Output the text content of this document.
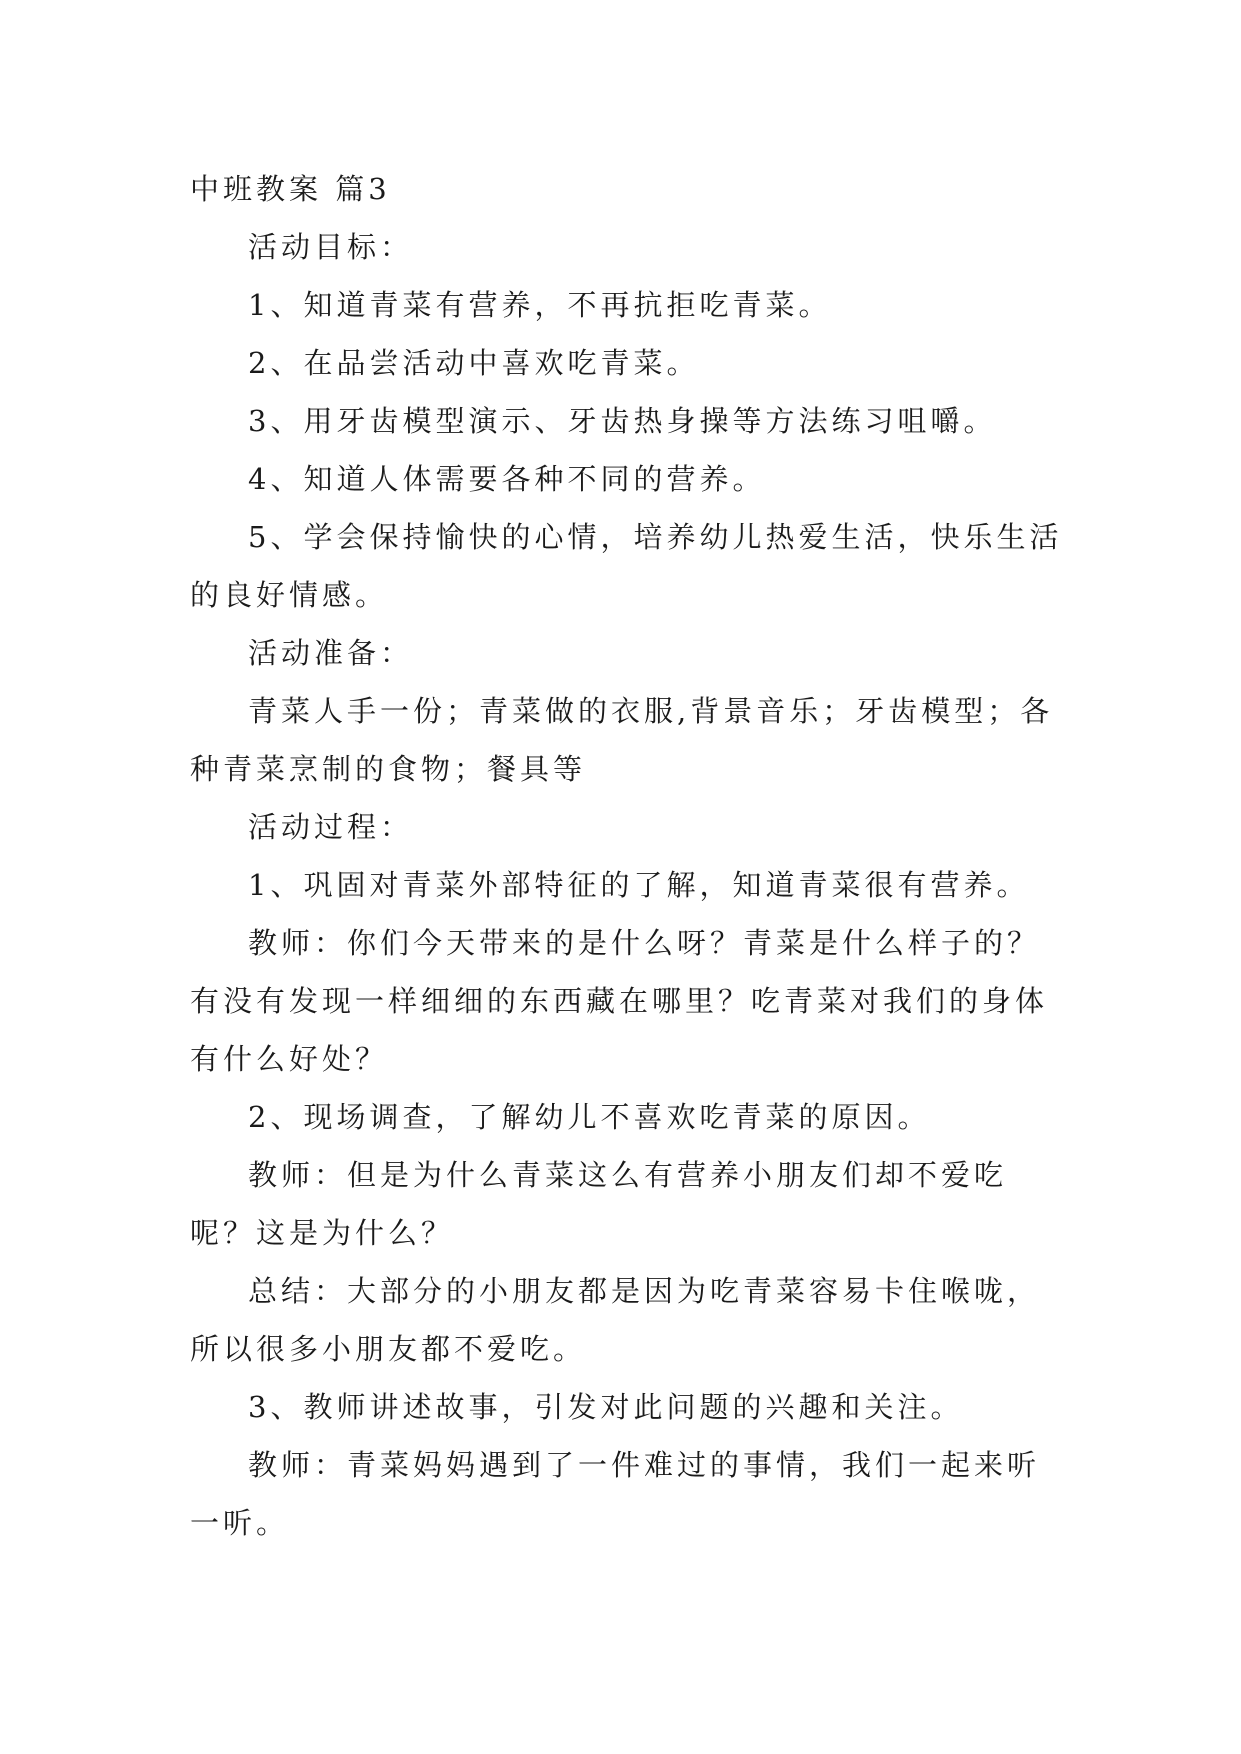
中班教案 篇3

活动目标：

1、知道青菜有营养，不再抗拒吃青菜。

2、在品尝活动中喜欢吃青菜。

3、用牙齿模型演示、牙齿热身操等方法练习咀嚼。

4、知道人体需要各种不同的营养。

5、学会保持愉快的心情，培养幼儿热爱生活，快乐生活的良好情感。

活动准备：

青菜人手一份；青菜做的衣服,背景音乐；牙齿模型；各种青菜烹制的食物；餐具等

活动过程：

1、巩固对青菜外部特征的了解，知道青菜很有营养。

教师：你们今天带来的是什么呀？青菜是什么样子的？有没有发现一样细细的东西藏在哪里？吃青菜对我们的身体有什么好处？

2、现场调查，了解幼儿不喜欢吃青菜的原因。

教师：但是为什么青菜这么有营养小朋友们却不爱吃呢？这是为什么？

总结：大部分的小朋友都是因为吃青菜容易卡住喉咙，所以很多小朋友都不爱吃。

3、教师讲述故事，引发对此问题的兴趣和关注。

教师：青菜妈妈遇到了一件难过的事情，我们一起来听一听。
